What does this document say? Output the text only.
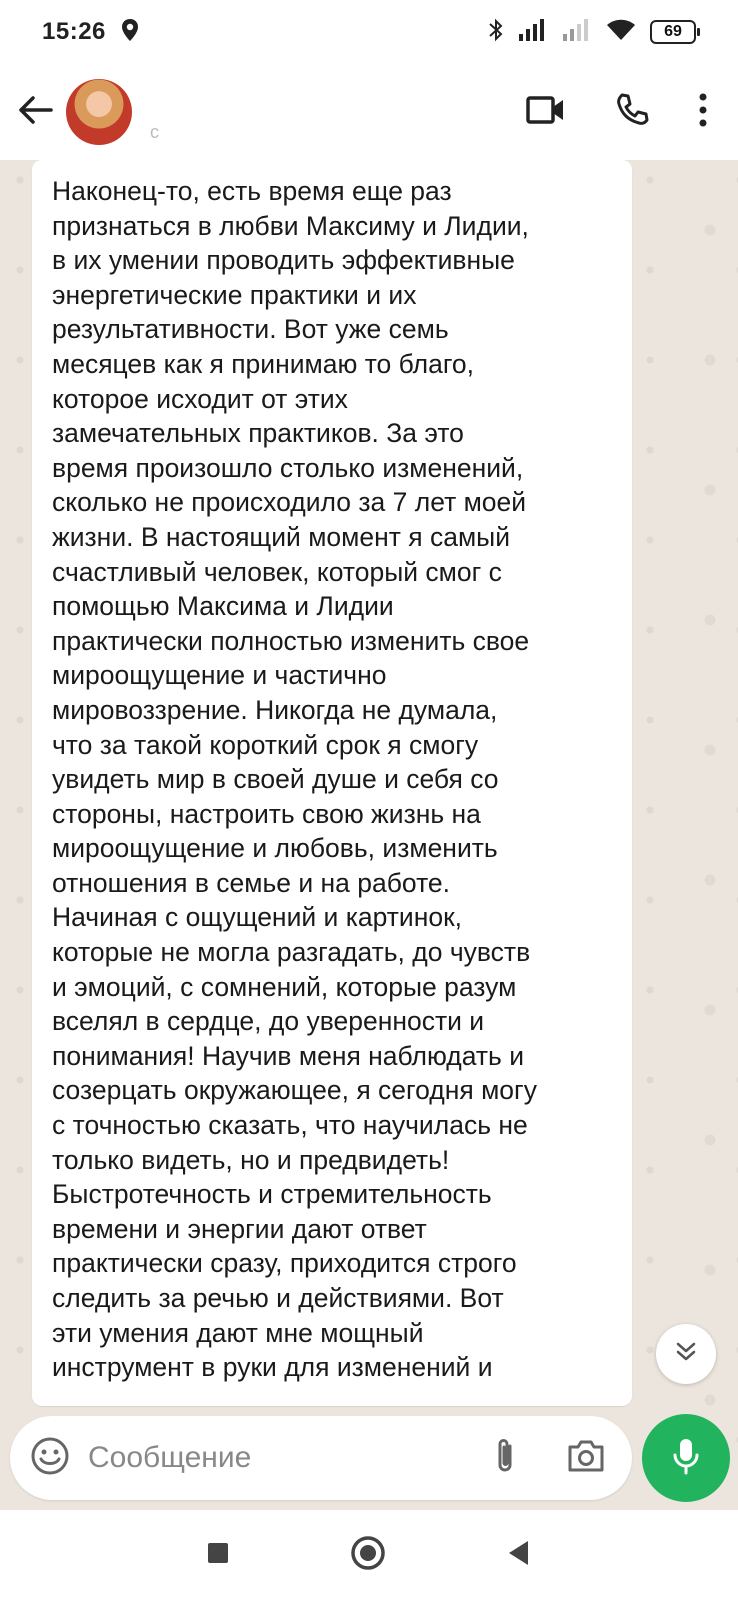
15:26	69
с
Наконец-то, есть время еще раз
признаться в любви Максиму и Лидии,
в их умении проводить эффективные
энергетические практики и их
результативности. Вот уже семь
месяцев как я принимаю то благо,
которое исходит от этих
замечательных практиков. За это
время произошло столько изменений,
сколько не происходило за 7 лет моей
жизни. В настоящий момент я самый
счастливый человек, который смог с
помощью Максима и Лидии
практически полностью изменить свое
мироощущение и частично
мировоззрение. Никогда не думала,
что за такой короткий срок я смогу
увидеть мир в своей душе и себя со
стороны, настроить свою жизнь на
мироощущение и любовь, изменить
отношения в семье и на работе.
Начиная с ощущений и картинок,
которые не могла разгадать, до чувств
и эмоций, с сомнений, которые разум
вселял в сердце, до уверенности и
понимания! Научив меня наблюдать и
созерцать окружающее, я сегодня могу
с точностью сказать, что научилась не
только видеть, но и предвидеть!
Быстротечность и стремительность
времени и энергии дают ответ
практически сразу, приходится строго
следить за речью и действиями. Вот
эти умения дают мне мощный
инструмент в руки для изменений и
Сообщение
